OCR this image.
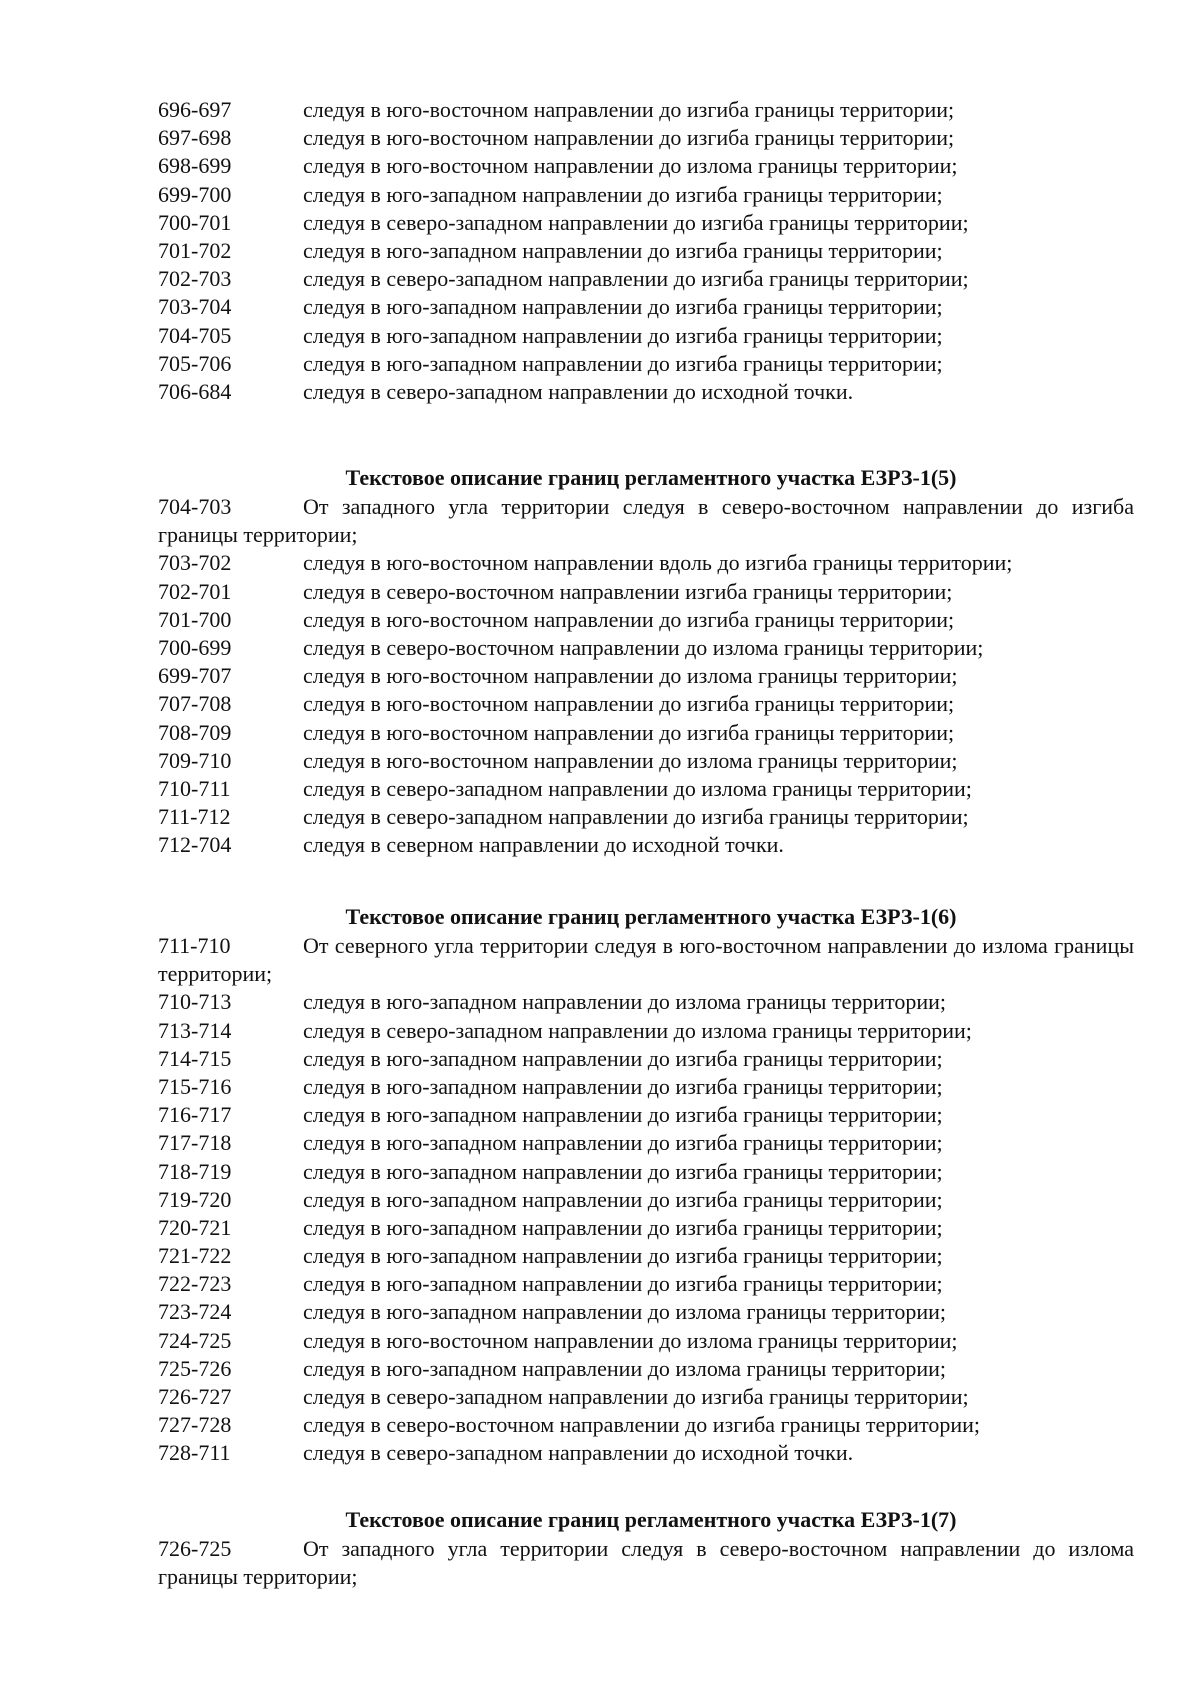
696-697	следуя в юго-восточном направлении до изгиба границы территории;
697-698	следуя в юго-восточном направлении до изгиба границы территории;
698-699	следуя в юго-восточном направлении до излома границы территории;
699-700	следуя в юго-западном направлении до изгиба границы территории;
700-701	следуя в северо-западном направлении до изгиба границы территории;
701-702	следуя в юго-западном направлении до изгиба границы территории;
702-703	следуя в северо-западном направлении до изгиба границы территории;
703-704	следуя в юго-западном направлении до изгиба границы территории;
704-705	следуя в юго-западном направлении до изгиба границы территории;
705-706	следуя в юго-западном направлении до изгиба границы территории;
706-684	следуя в северо-западном направлении до исходной точки.
Текстовое описание границ регламентного участка ЕЗРЗ-1(5)
704-703	От западного угла территории следуя в северо-восточном направлении до изгиба границы территории;
703-702	следуя в юго-восточном направлении вдоль до изгиба границы территории;
702-701	следуя в северо-восточном направлении изгиба границы территории;
701-700	следуя в юго-восточном направлении до изгиба границы территории;
700-699	следуя в северо-восточном направлении до излома границы территории;
699-707	следуя в юго-восточном направлении до излома границы территории;
707-708	следуя в юго-восточном направлении до изгиба границы территории;
708-709	следуя в юго-восточном направлении до изгиба границы территории;
709-710	следуя в юго-восточном направлении до излома границы территории;
710-711	следуя в северо-западном направлении до излома границы территории;
711-712	следуя в северо-западном направлении до изгиба границы территории;
712-704	следуя в северном направлении до исходной точки.
Текстовое описание границ регламентного участка ЕЗРЗ-1(6)
711-710	От северного угла территории следуя в юго-восточном направлении до излома границы территории;
710-713	следуя в юго-западном направлении до излома границы территории;
713-714	следуя в северо-западном направлении до излома границы территории;
714-715	следуя в юго-западном направлении до изгиба границы территории;
715-716	следуя в юго-западном направлении до изгиба границы территории;
716-717	следуя в юго-западном направлении до изгиба границы территории;
717-718	следуя в юго-западном направлении до изгиба границы территории;
718-719	следуя в юго-западном направлении до изгиба границы территории;
719-720	следуя в юго-западном направлении до изгиба границы территории;
720-721	следуя в юго-западном направлении до изгиба границы территории;
721-722	следуя в юго-западном направлении до изгиба границы территории;
722-723	следуя в юго-западном направлении до изгиба границы территории;
723-724	следуя в юго-западном направлении до излома границы территории;
724-725	следуя в юго-восточном направлении до излома границы территории;
725-726	следуя в юго-западном направлении до излома границы территории;
726-727	следуя в северо-западном направлении до изгиба границы территории;
727-728	следуя в северо-восточном направлении до изгиба границы территории;
728-711	следуя в северо-западном направлении до исходной точки.
Текстовое описание границ регламентного участка ЕЗРЗ-1(7)
726-725	От западного угла территории следуя в северо-восточном направлении до излома границы территории;
